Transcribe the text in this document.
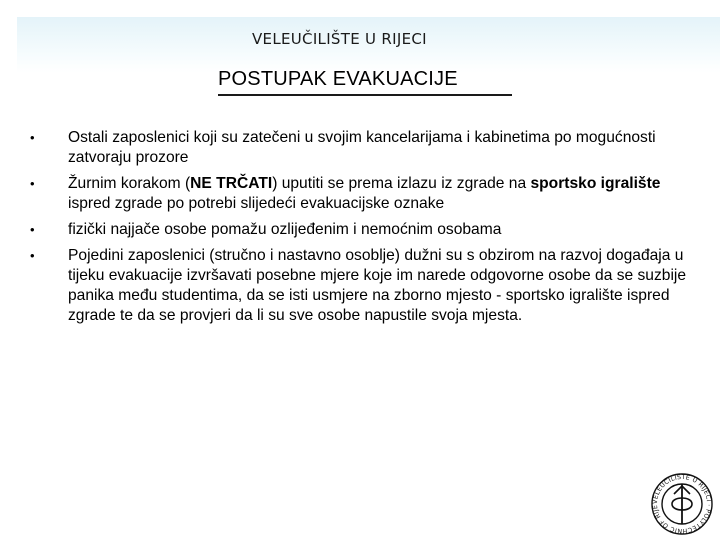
VELEUČILIŠTE U RIJECI
POSTUPAK EVAKUACIJE
• Ostali zaposlenici koji su zatečeni u svojim kancelarijama i kabinetima po mogućnosti zatvoraju prozore
• Žurnim korakom (NE TRČATI) uputiti se prema izlazu iz zgrade na sportsko igralište ispred zgrade po potrebi slijedeći evakuacijske oznake
• fizički najjače osobe pomažu ozlijeđenim i nemoćnim osobama
• Pojedini zaposlenici (stručno i nastavno osoblje) dužni su s obzirom na razvoj događaja u tijeku evakuacije izvršavati posebne mjere koje im narede odgovorne osobe da se suzbije panika među studentima, da se isti usmjere na zborno mjesto - sportsko igralište ispred zgrade te da se provjeri da li su sve osobe napustile svoja mjesta.
VELEUČILIŠTE U RIJECI · POLYTECHNIC OF RIJE
